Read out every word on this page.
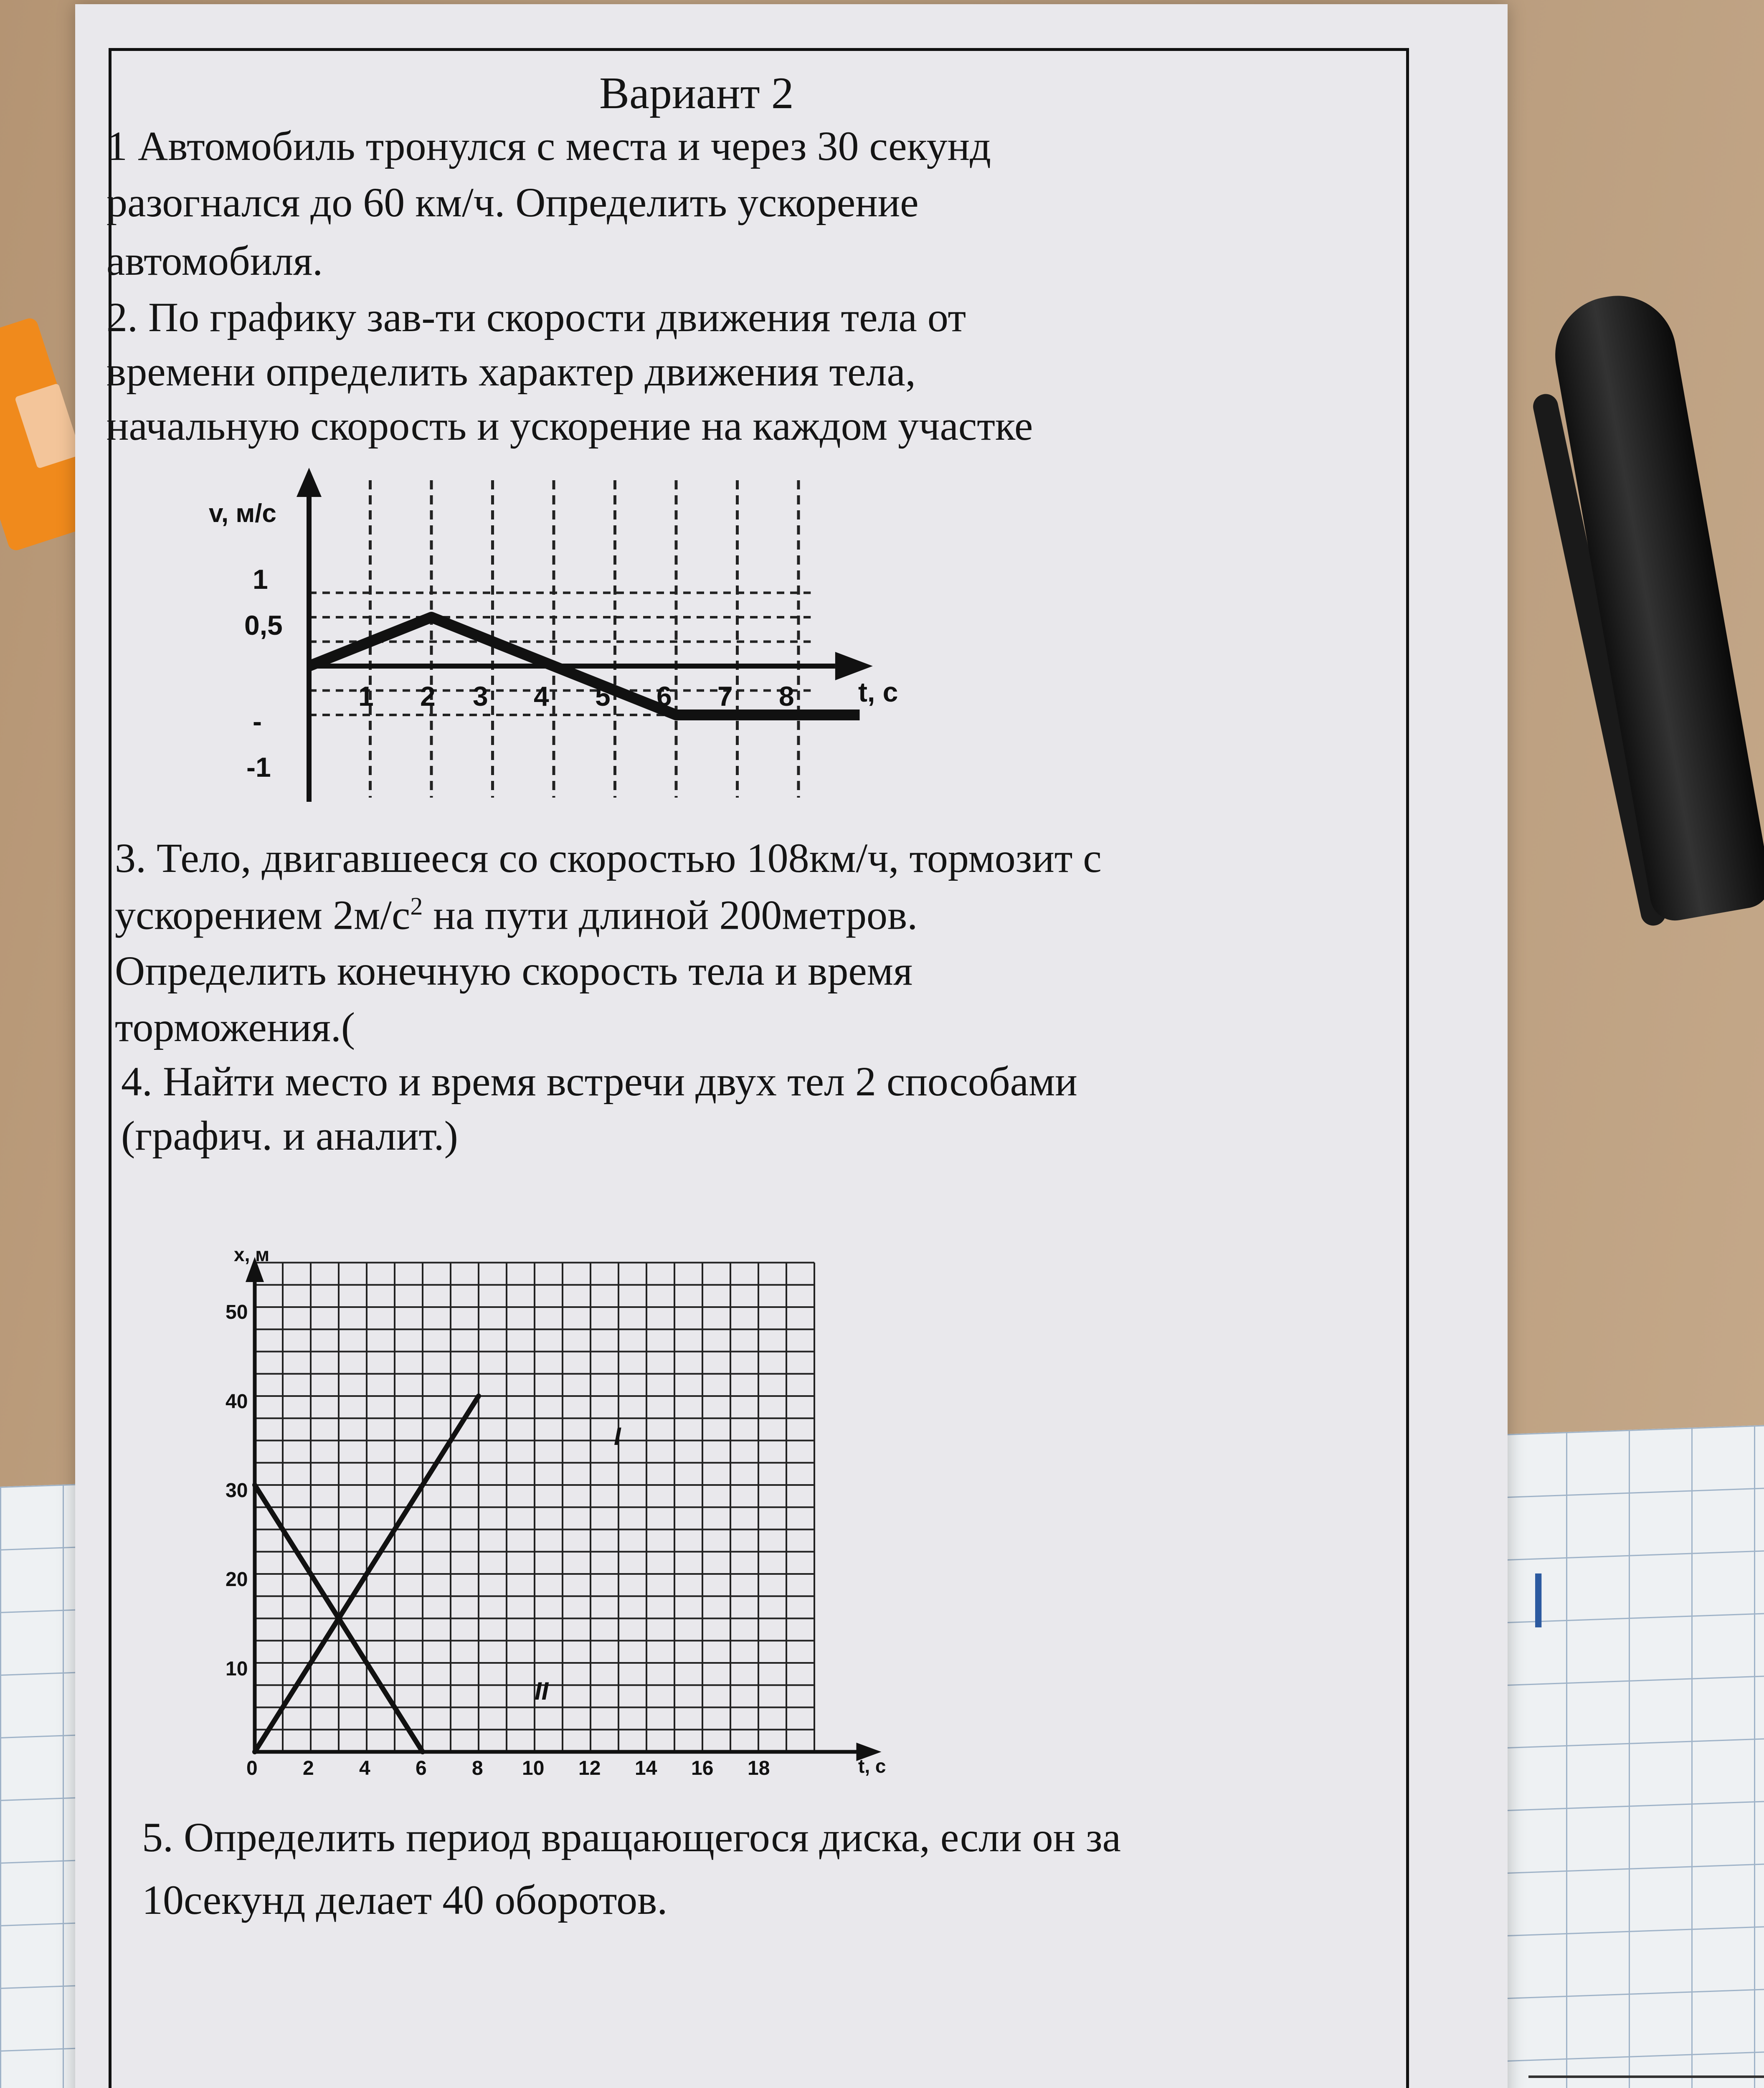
l
Вариант 2
1 Автомобиль тронулся с места и через 30 секунд
разогнался до 60 км/ч. Определить ускорение
автомобиля.
2. По графику зав-ти скорости движения тела от
времени определить характер движения тела,
начальную скорость и ускорение на каждом участке
v, м/c
t, c
1
0,5
-
-1
1 2 3 4 5 6 7 8
3. Тело, двигавшееся со скоростью 108км/ч, тормозит с
ускорением $2м/с^2$ на пути длиной 200метров.
Определить конечную скорость тела и время
торможения.(
4. Найти место и время встречи двух тел 2 способами
(графич. и аналит.)
x, м
t, c
I
II
10
20
30
40
50
0 2 4 6 8 10 12 14 16 18
5. Определить период вращающегося диска, если он за
10секунд делает 40 оборотов.
